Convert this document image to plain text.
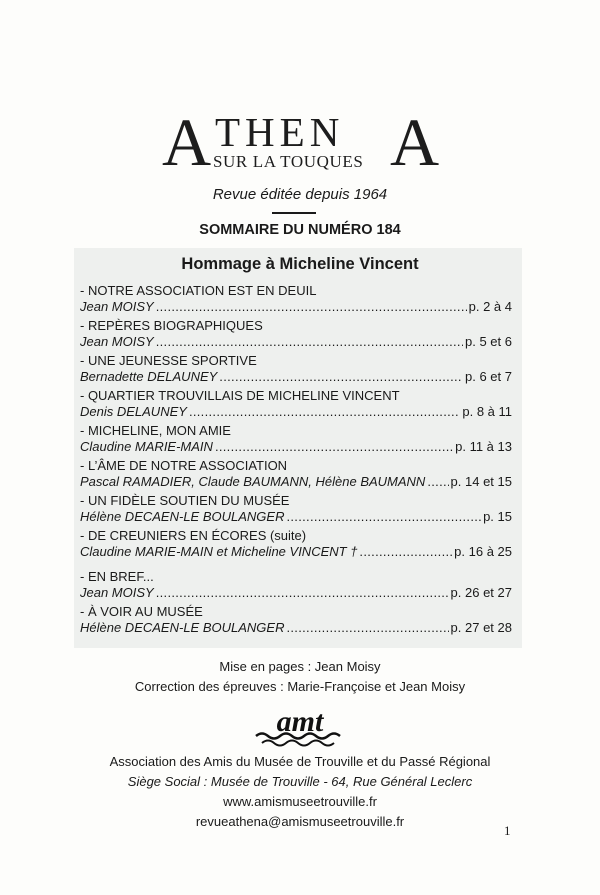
A THEN A
SUR LA TOUQUES
Revue éditée depuis 1964
SOMMAIRE DU NUMÉRO 184
Hommage à Micheline Vincent
- NOTRE ASSOCIATION EST EN DEUIL
Jean MOISY .....	p. 2 à 4
- REPÈRES BIOGRAPHIQUES
Jean MOISY .....	p. 5 et 6
- UNE JEUNESSE SPORTIVE
Bernadette DELAUNEY .....	p. 6 et 7
- QUARTIER TROUVILLAIS DE MICHELINE VINCENT
Denis DELAUNEY .....	p. 8 à 11
- MICHELINE, MON AMIE
Claudine MARIE-MAIN .....	p. 11 à 13
- L’ÂME DE NOTRE ASSOCIATION
Pascal RAMADIER, Claude BAUMANN, Hélène BAUMANN ..... p. 14 et 15
- UN FIDÈLE SOUTIEN DU MUSÉE
Hélène DECAEN-LE BOULANGER .....	p. 15
- DE CREUNIERS EN ÉCORES (suite)
Claudine MARIE-MAIN et Micheline VINCENT † .....	p. 16 à 25
- EN BREF...
Jean MOISY .....	p. 26 et 27
- À VOIR AU MUSÉE
Hélène DECAEN-LE BOULANGER .....	p. 27 et 28
Mise en pages : Jean Moisy
Correction des épreuves : Marie-Françoise et Jean Moisy
amt
Association des Amis du Musée de Trouville et du Passé Régional
Siège Social : Musée de Trouville - 64, Rue Général Leclerc
www.amismuseetrouville.fr
revueathena@amismuseetrouville.fr
1
